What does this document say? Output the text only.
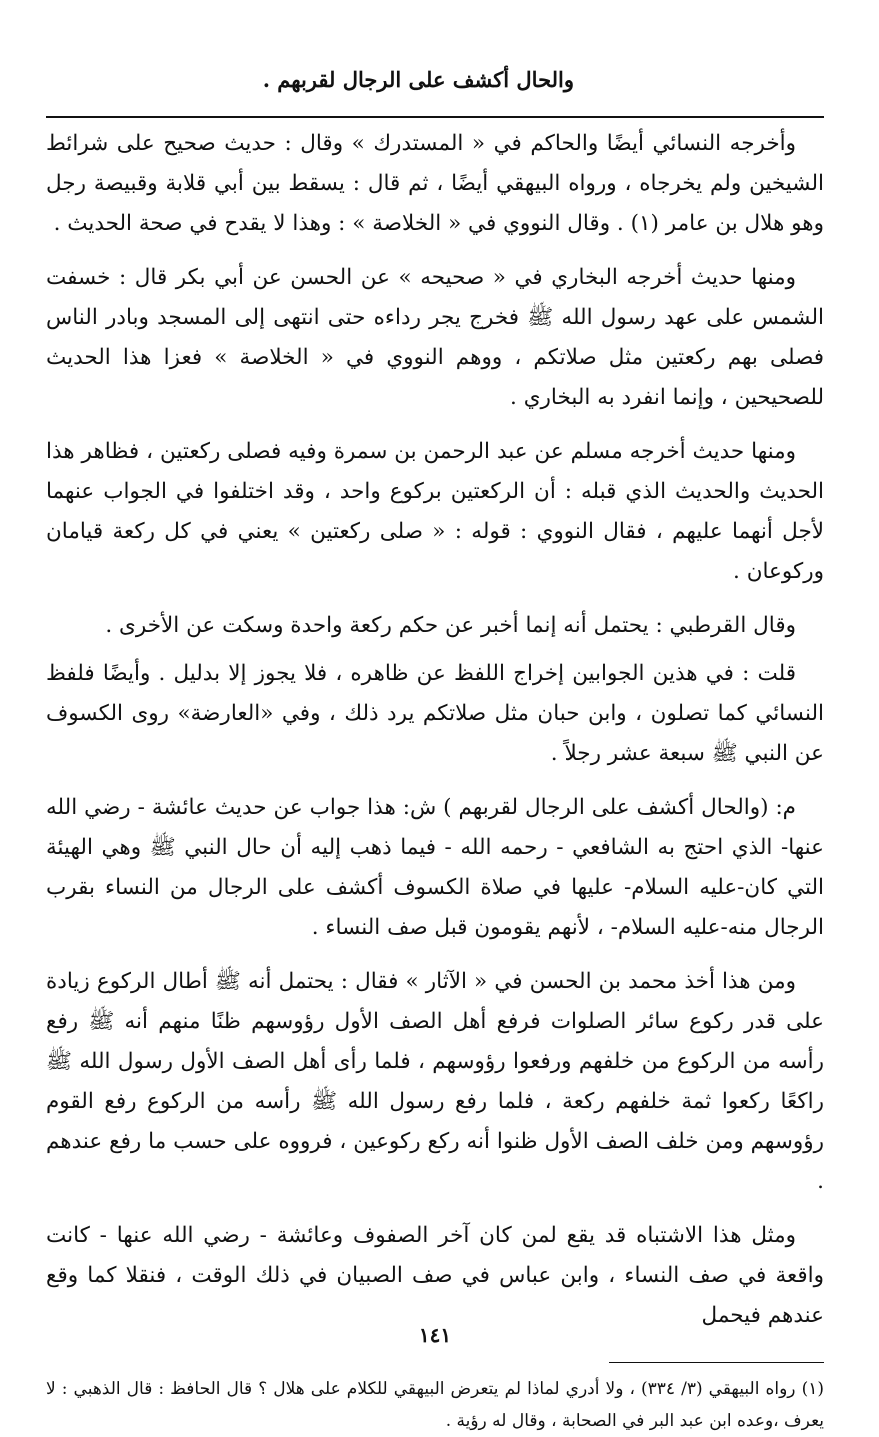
والحال أكشف على الرجال لقربهم .

وأخرجه النسائي أيضًا والحاكم في « المستدرك » وقال : حديث صحيح على شرائط الشيخين ولم يخرجاه ، ورواه البيهقي أيضًا ، ثم قال : يسقط بين أبي قلابة وقبيصة رجل وهو هلال بن عامر (١) . وقال النووي في « الخلاصة » : وهذا لا يقدح في صحة الحديث .

ومنها حديث أخرجه البخاري في « صحيحه » عن الحسن عن أبي بكر قال : خسفت الشمس على عهد رسول الله ﷺ فخرج يجر رداءه حتى انتهى إلى المسجد وبادر الناس فصلى بهم ركعتين مثل صلاتكم ، ووهم النووي في « الخلاصة » فعزا هذا الحديث للصحيحين ، وإنما انفرد به البخاري .

ومنها حديث أخرجه مسلم عن عبد الرحمن بن سمرة وفيه فصلى ركعتين ، فظاهر هذا الحديث والحديث الذي قبله : أن الركعتين بركوع واحد ، وقد اختلفوا في الجواب عنهما لأجل أنهما عليهم ، فقال النووي : قوله : « صلى ركعتين » يعني في كل ركعة قيامان وركوعان .

وقال القرطبي : يحتمل أنه إنما أخبر عن حكم ركعة واحدة وسكت عن الأخرى .

قلت : في هذين الجوابين إخراج اللفظ عن ظاهره ، فلا يجوز إلا بدليل . وأيضًا فلفظ النسائي كما تصلون ، وابن حبان مثل صلاتكم يرد ذلك ، وفي «العارضة» روى الكسوف عن النبي ﷺ سبعة عشر رجلاً .

م: (والحال أكشف على الرجال لقربهم ) ش: هذا جواب عن حديث عائشة - رضي الله عنها- الذي احتج به الشافعي - رحمه الله - فيما ذهب إليه أن حال النبي ﷺ وهي الهيئة التي كان-عليه السلام- عليها في صلاة الكسوف أكشف على الرجال من النساء بقرب الرجال منه-عليه السلام- ، لأنهم يقومون قبل صف النساء .

ومن هذا أخذ محمد بن الحسن في « الآثار » فقال : يحتمل أنه ﷺ أطال الركوع زيادة على قدر ركوع سائر الصلوات فرفع أهل الصف الأول رؤوسهم ظنًا منهم أنه ﷺ رفع رأسه من الركوع من خلفهم ورفعوا رؤوسهم ، فلما رأى أهل الصف الأول رسول الله ﷺ راكعًا ركعوا ثمة خلفهم ركعة ، فلما رفع رسول الله ﷺ رأسه من الركوع رفع القوم رؤوسهم ومن خلف الصف الأول ظنوا أنه ركع ركوعين ، فرووه على حسب ما رفع عندهم .

ومثل هذا الاشتباه قد يقع لمن كان آخر الصفوف وعائشة - رضي الله عنها - كانت واقعة في صف النساء ، وابن عباس في صف الصبيان في ذلك الوقت ، فنقلا كما وقع عندهم فيحمل

(١) رواه البيهقي (٣/ ٣٣٤) ، ولا أدري لماذا لم يتعرض البيهقي للكلام على هلال ؟ قال الحافظ : قال الذهبي : لا يعرف ،وعده ابن عبد البر في الصحابة ، وقال له رؤية .
١٤١
